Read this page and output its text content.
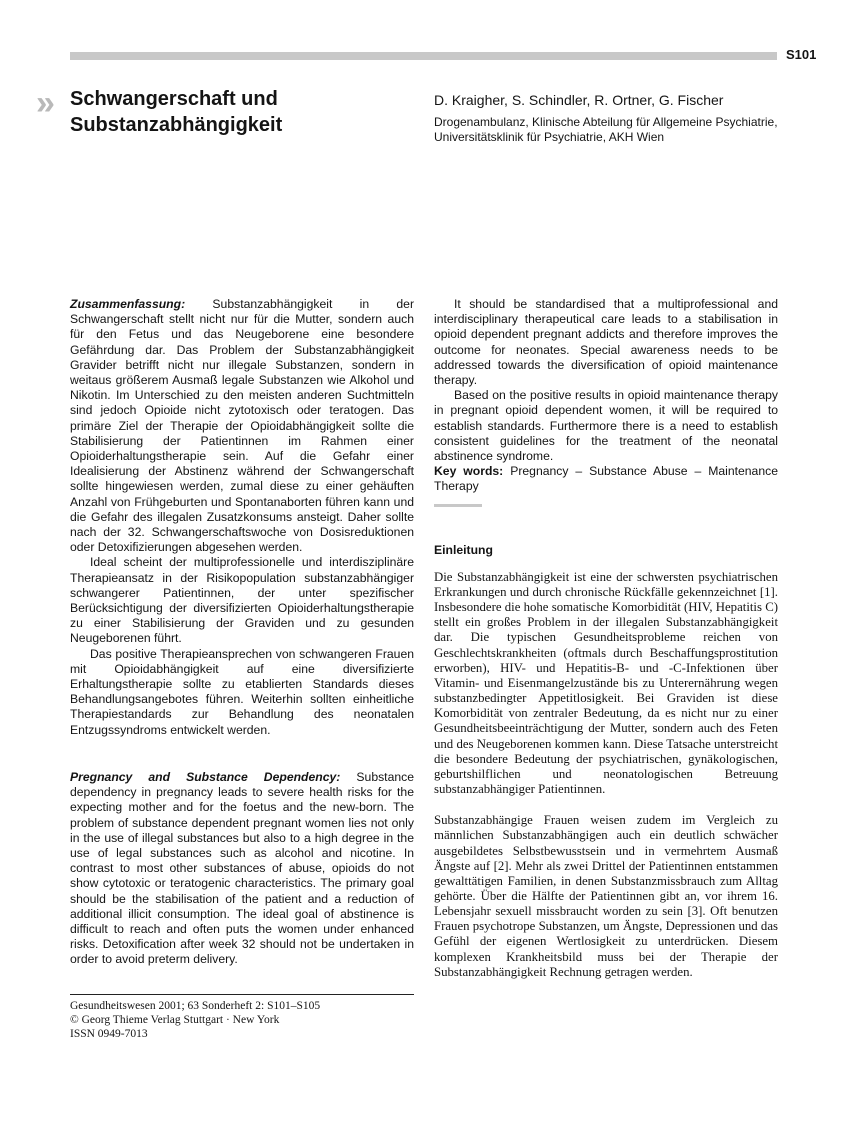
S101
» Schwangerschaft und
Substanzabhängigkeit
D. Kraigher, S. Schindler, R. Ortner, G. Fischer
Drogenambulanz, Klinische Abteilung für Allgemeine Psychiatrie,
Universitätsklinik für Psychiatrie, AKH Wien

Zusammenfassung: Substanzabhängigkeit in der Schwangerschaft stellt nicht nur für die Mutter, sondern auch für den Fetus und das Neugeborene eine besondere Gefährdung dar. Das Problem der Substanzabhängigkeit Gravider betrifft nicht nur illegale Substanzen, sondern in weitaus größerem Ausmaß legale Substanzen wie Alkohol und Nikotin. Im Unterschied zu den meisten anderen Suchtmitteln sind jedoch Opioide nicht zytotoxisch oder teratogen. Das primäre Ziel der Therapie der Opioidabhängigkeit sollte die Stabilisierung der Patientinnen im Rahmen einer Opioiderhaltungstherapie sein. Auf die Gefahr einer Idealisierung der Abstinenz während der Schwangerschaft sollte hingewiesen werden, zumal diese zu einer gehäuften Anzahl von Frühgeburten und Spontanaborten führen kann und die Gefahr des illegalen Zusatzkonsums ansteigt. Daher sollte nach der 32. Schwangerschaftswoche von Dosisreduktionen oder Detoxifizierungen abgesehen werden.

Ideal scheint der multiprofessionelle und interdisziplinäre Therapieansatz in der Risikopopulation substanzabhängiger schwangerer Patientinnen, der unter spezifischer Berücksichtigung der diversifizierten Opioiderhaltungstherapie zu einer Stabilisierung der Graviden und zu gesunden Neugeborenen führt.

Das positive Therapieansprechen von schwangeren Frauen mit Opioidabhängigkeit auf eine diversifizierte Erhaltungstherapie sollte zu etablierten Standards dieses Behandlungsangebotes führen. Weiterhin sollten einheitliche Therapiestandards zur Behandlung des neonatalen Entzugssyndroms entwickelt werden.

Pregnancy and Substance Dependency: Substance dependency in pregnancy leads to severe health risks for the expecting mother and for the foetus and the new-born. The problem of substance dependent pregnant women lies not only in the use of illegal substances but also to a high degree in the use of legal substances such as alcohol and nicotine. In contrast to most other substances of abuse, opioids do not show cytotoxic or teratogenic characteristics. The primary goal should be the stabilisation of the patient and a reduction of additional illicit consumption. The ideal goal of abstinence is difficult to reach and often puts the women under enhanced risks. Detoxification after week 32 should not be undertaken in order to avoid preterm delivery.

It should be standardised that a multiprofessional and interdisciplinary therapeutical care leads to a stabilisation in opioid dependent pregnant addicts and therefore improves the outcome for neonates. Special awareness needs to be addressed towards the diversification of opioid maintenance therapy.

Based on the positive results in opioid maintenance therapy in pregnant opioid dependent women, it will be required to establish standards. Furthermore there is a need to establish consistent guidelines for the treatment of the neonatal abstinence syndrome.

Key words: Pregnancy – Substance Abuse – Maintenance Therapy

Einleitung

Die Substanzabhängigkeit ist eine der schwersten psychiatrischen Erkrankungen und durch chronische Rückfälle gekennzeichnet [1]. Insbesondere die hohe somatische Komorbidität (HIV, Hepatitis C) stellt ein großes Problem in der illegalen Substanzabhängigkeit dar. Die typischen Gesundheitsprobleme reichen von Geschlechtskrankheiten (oftmals durch Beschaffungsprostitution erworben), HIV- und Hepatitis-B- und -C-Infektionen über Vitamin- und Eisenmangelzustände bis zu Unterernährung wegen substanzbedingter Appetitlosigkeit. Bei Graviden ist diese Komorbidität von zentraler Bedeutung, da es nicht nur zu einer Gesundheitsbeeinträchtigung der Mutter, sondern auch des Feten und des Neugeborenen kommen kann. Diese Tatsache unterstreicht die besondere Bedeutung der psychiatrischen, gynäkologischen, geburtshilflichen und neonatologischen Betreuung substanzabhängiger Patientinnen.

Substanzabhängige Frauen weisen zudem im Vergleich zu männlichen Substanzabhängigen auch ein deutlich schwächer ausgebildetes Selbstbewusstsein und in vermehrtem Ausmaß Ängste auf [2]. Mehr als zwei Drittel der Patientinnen entstammen gewalttätigen Familien, in denen Substanzmissbrauch zum Alltag gehörte. Über die Hälfte der Patientinnen gibt an, vor ihrem 16. Lebensjahr sexuell missbraucht worden zu sein [3]. Oft benutzen Frauen psychotrope Substanzen, um Ängste, Depressionen und das Gefühl der eigenen Wertlosigkeit zu unterdrücken. Diesem komplexen Krankheitsbild muss bei der Therapie der Substanzabhängigkeit Rechnung getragen werden.

Gesundheitswesen 2001; 63 Sonderheft 2: S101–S105
© Georg Thieme Verlag Stuttgart · New York
ISSN 0949-7013
